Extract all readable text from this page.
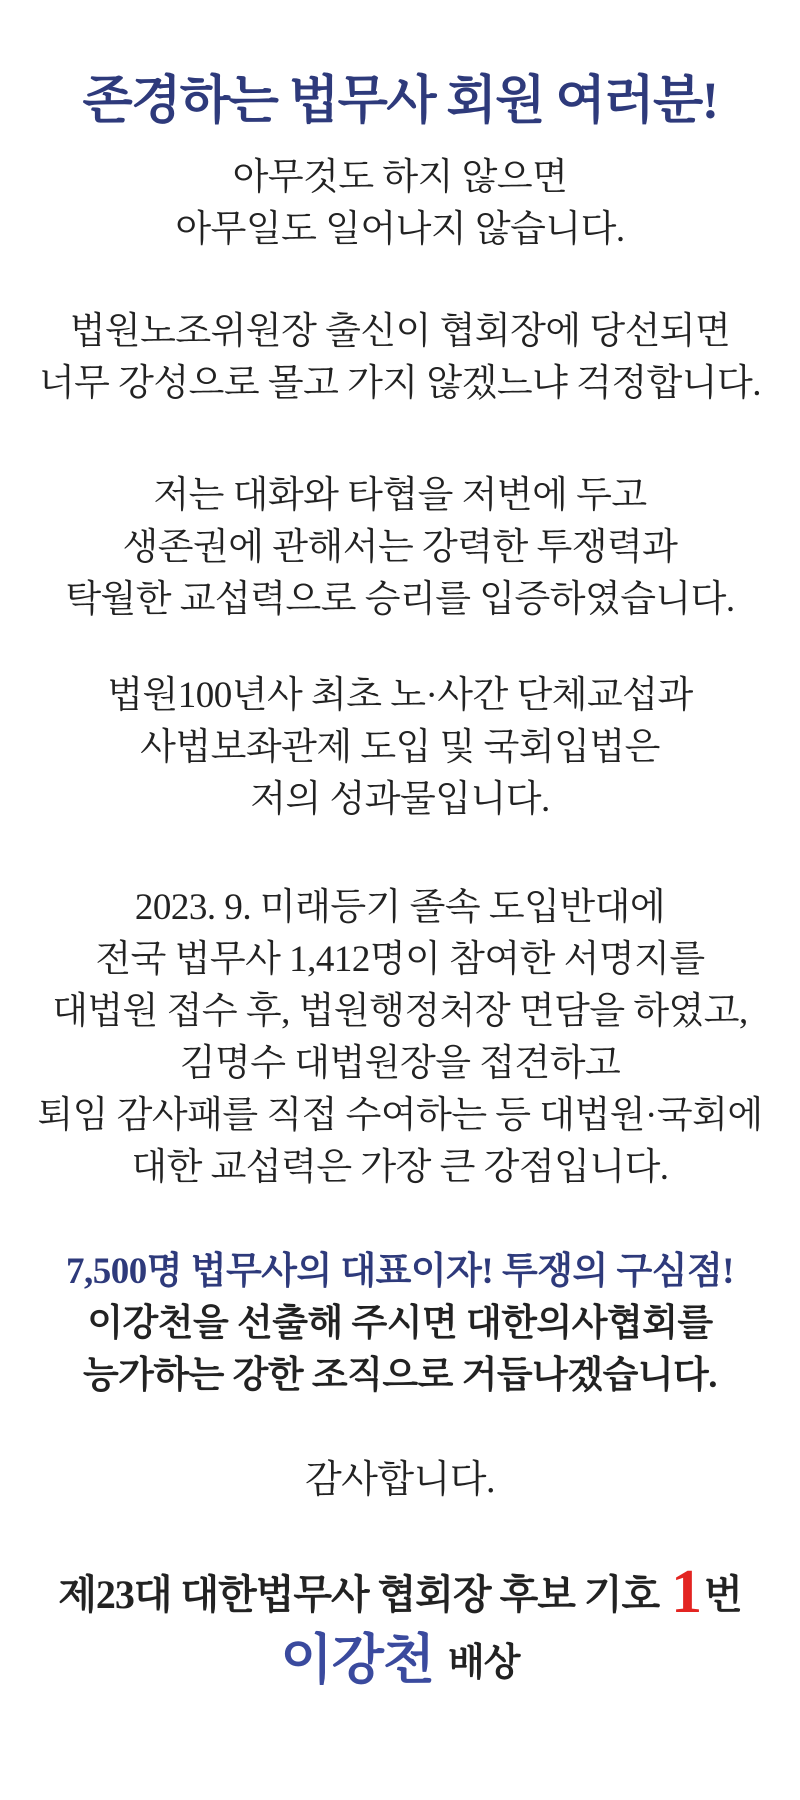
존경하는 법무사 회원 여러분!
아무것도 하지 않으면
아무일도 일어나지 않습니다.
법원노조위원장 출신이 협회장에 당선되면
너무 강성으로 몰고 가지 않겠느냐 걱정합니다.
저는 대화와 타협을 저변에 두고
생존권에 관해서는 강력한 투쟁력과
탁월한 교섭력으로 승리를 입증하였습니다.
법원100년사 최초 노·사간 단체교섭과
사법보좌관제 도입 및 국회입법은
저의 성과물입니다.
2023. 9. 미래등기 졸속 도입반대에
전국 법무사 1,412명이 참여한 서명지를
대법원 접수 후, 법원행정처장 면담을 하였고,
김명수 대법원장을 접견하고
퇴임 감사패를 직접 수여하는 등 대법원·국회에
대한 교섭력은 가장 큰 강점입니다.
7,500명 법무사의 대표이자! 투쟁의 구심점!
이강천을 선출해 주시면 대한의사협회를
능가하는 강한 조직으로 거듭나겠습니다.
감사합니다.
제23대 대한법무사 협회장 후보 기호 1번
이강천 배상
